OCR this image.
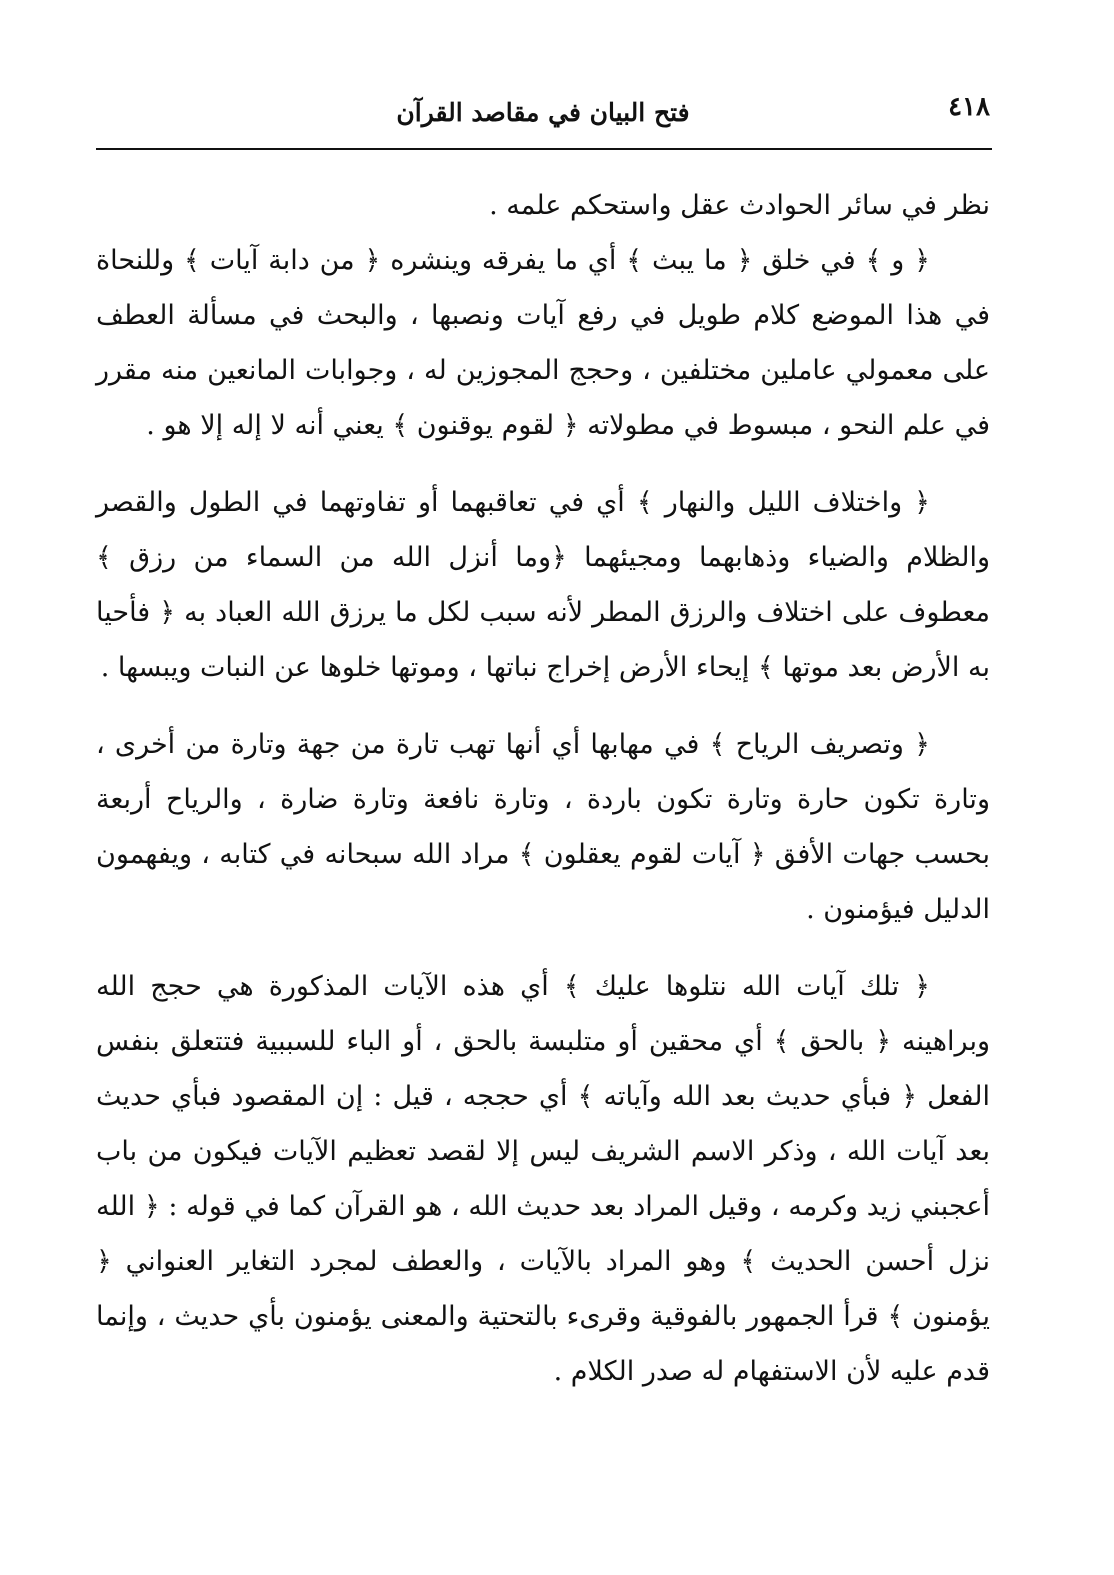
٤١٨
فتح البيان في مقاصد القرآن

نظر في سائر الحوادث عقل واستحكم علمه .

﴿ و ﴾ في خلق ﴿ ما يبث ﴾ أي ما يفرقه وينشره ﴿ من دابة آيات ﴾ وللنحاة في هذا الموضع كلام طويل في رفع آيات ونصبها ، والبحث في مسألة العطف على معمولي عاملين مختلفين ، وحجج المجوزين له ، وجوابات المانعين منه مقرر في علم النحو ، مبسوط في مطولاته ﴿ لقوم يوقنون ﴾ يعني أنه لا إله إلا هو .

﴿ واختلاف الليل والنهار ﴾ أي في تعاقبهما أو تفاوتهما في الطول والقصر والظلام والضياء وذهابهما ومجيئهما ﴿وما أنزل الله من السماء من رزق ﴾ معطوف على اختلاف والرزق المطر لأنه سبب لكل ما يرزق الله العباد به ﴿ فأحيا به الأرض بعد موتها ﴾ إيحاء الأرض إخراج نباتها ، وموتها خلوها عن النبات ويبسها .

﴿ وتصريف الرياح ﴾ في مهابها أي أنها تهب تارة من جهة وتارة من أخرى ، وتارة تكون حارة وتارة تكون باردة ، وتارة نافعة وتارة ضارة ، والرياح أربعة بحسب جهات الأفق ﴿ آيات لقوم يعقلون ﴾ مراد الله سبحانه في كتابه ، ويفهمون الدليل فيؤمنون .

﴿ تلك آيات الله نتلوها عليك ﴾ أي هذه الآيات المذكورة هي حجج الله وبراهينه ﴿ بالحق ﴾ أي محقين أو متلبسة بالحق ، أو الباء للسببية فتتعلق بنفس الفعل ﴿ فبأي حديث بعد الله وآياته ﴾ أي حججه ، قيل : إن المقصود فبأي حديث بعد آيات الله ، وذكر الاسم الشريف ليس إلا لقصد تعظيم الآيات فيكون من باب أعجبني زيد وكرمه ، وقيل المراد بعد حديث الله ، هو القرآن كما في قوله : ﴿ الله نزل أحسن الحديث ﴾ وهو المراد بالآيات ، والعطف لمجرد التغاير العنواني ﴿ يؤمنون ﴾ قرأ الجمهور بالفوقية وقرىء بالتحتية والمعنى يؤمنون بأي حديث ، وإنما قدم عليه لأن الاستفهام له صدر الكلام .
